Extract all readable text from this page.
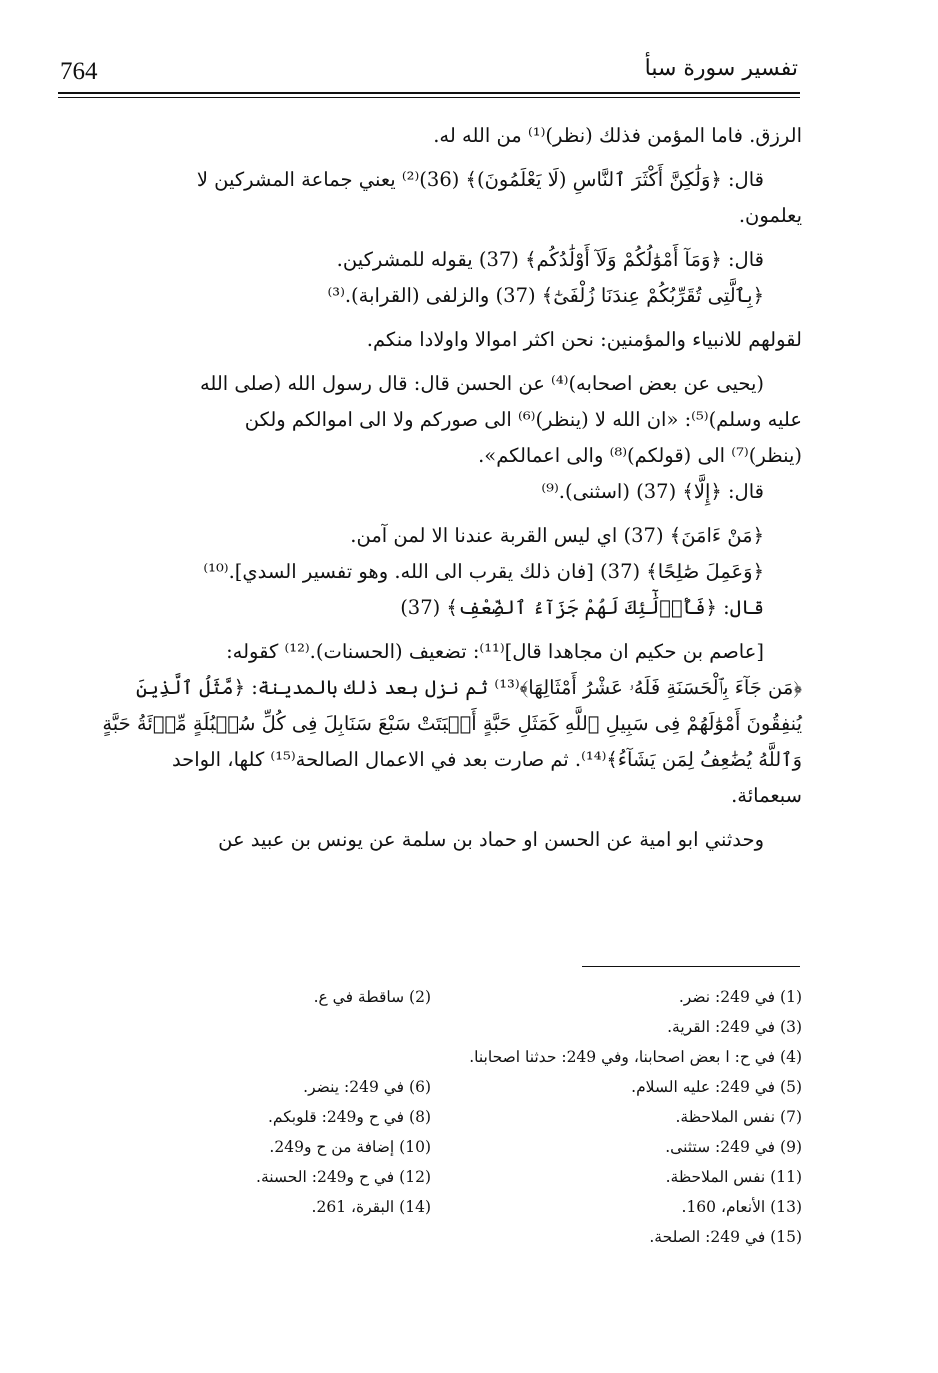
764	تفسير سورة سبأ

الرزق. فاما المؤمن فذلك (نظر)⁽¹⁾ من الله له.

قال: ﴿وَلَٰكِنَّ أَكْثَرَ ٱلنَّاسِ (لَا يَعْلَمُونَ)﴾ (36)⁽²⁾ يعني جماعة المشركين لا

يعلمون.

قال: ﴿وَمَآ أَمْوَٰلُكُمْ وَلَآ أَوْلَٰدُكُم﴾ (37) يقوله للمشركين.

﴿بِٱلَّتِى تُقَرِّبُكُمْ عِندَنَا زُلْفَىٰٓ﴾ (37) والزلفى (القرابة).⁽³⁾

لقولهم للانبياء والمؤمنين: نحن اكثر اموالا واولادا منكم.

(يحيى عن بعض اصحابه)⁽⁴⁾ عن الحسن قال: قال رسول الله (صلى الله

عليه وسلم)⁽⁵⁾: «ان الله لا (ينظر)⁽⁶⁾ الى صوركم ولا الى اموالكم ولكن

(ينظر)⁽⁷⁾ الى (قولكم)⁽⁸⁾ والى اعمالكم».

قال: ﴿إِلَّا﴾ (37) (اسثنى).⁽⁹⁾

﴿مَنْ ءَامَنَ﴾ (37) اي ليس القربة عندنا الا لمن آمن.

﴿وَعَمِلَ صَٰلِحًا﴾ (37) [فان ذلك يقرب الى الله. وهو تفسير السدي].⁽¹⁰⁾

قال: ﴿فَأُو۟لَٰٓئِكَ لَهُمْ جَزَآءُ ٱلضِّعْفِ﴾ (37)

[عاصم بن حكيم ان مجاهدا قال]⁽¹¹⁾: تضعيف (الحسنات).⁽¹²⁾ كقوله:

﴿مَن جَآءَ بِٱلْحَسَنَةِ فَلَهُۥ عَشْرُ أَمْثَالِهَا﴾⁽¹³⁾ ثم نزل بعد ذلك بالمدينة: ﴿مَّثَلُ ٱلَّذِينَ

يُنفِقُونَ أَمْوَٰلَهُمْ فِى سَبِيلِ ٱللَّهِ كَمَثَلِ حَبَّةٍ أَنۢبَتَتْ سَبْعَ سَنَابِلَ فِى كُلِّ سُنۢبُلَةٍ مِّا۟ئَةُ حَبَّةٍ

وَٱللَّهُ يُضَٰعِفُ لِمَن يَشَآءُ﴾⁽¹⁴⁾. ثم صارت بعد في الاعمال الصالحة⁽¹⁵⁾ كلها، الواحد

سبعمائة.

وحدثني ابو امية عن الحسن او حماد بن سلمة عن يونس بن عبيد عن

(1) في 249: نضر.
(2) ساقطة في ع.
(3) في 249: القرية.
(4) في ح: ا بعض اصحابنا، وفي 249: حدثنا اصحابنا.
(5) في 249: عليه السلام.
(6) في 249: ينضر.
(7) نفس الملاحظة.
(8) في ح و249: قلوبكم.
(9) في 249: ستثنى.
(10) إضافة من ح و249.
(11) نفس الملاحظة.
(12) في ح و249: الحسنة.
(13) الأنعام، 160.
(14) البقرة، 261.
(15) في 249: الصلحة.
